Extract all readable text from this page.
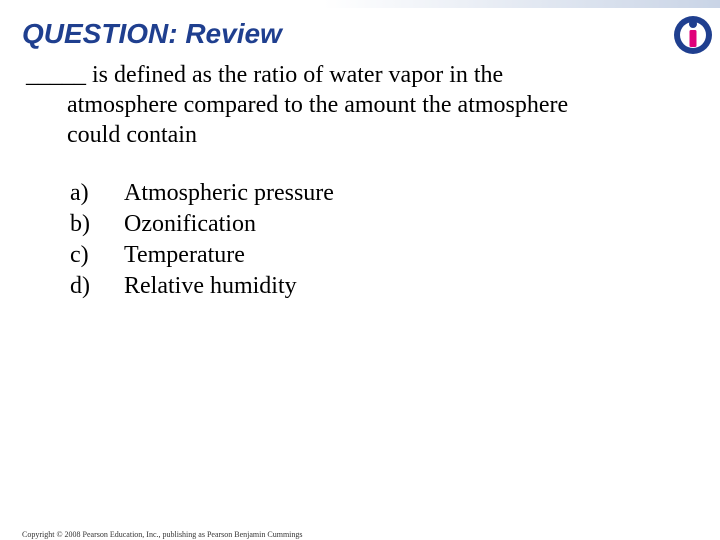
QUESTION: Review
_____ is defined as the ratio of water vapor in the
atmosphere compared to the amount the atmosphere
could contain
a)	Atmospheric pressure
b)	Ozonification
c)	Temperature
d)	Relative humidity
Copyright © 2008 Pearson Education, Inc., publishing as Pearson Benjamin Cummings
